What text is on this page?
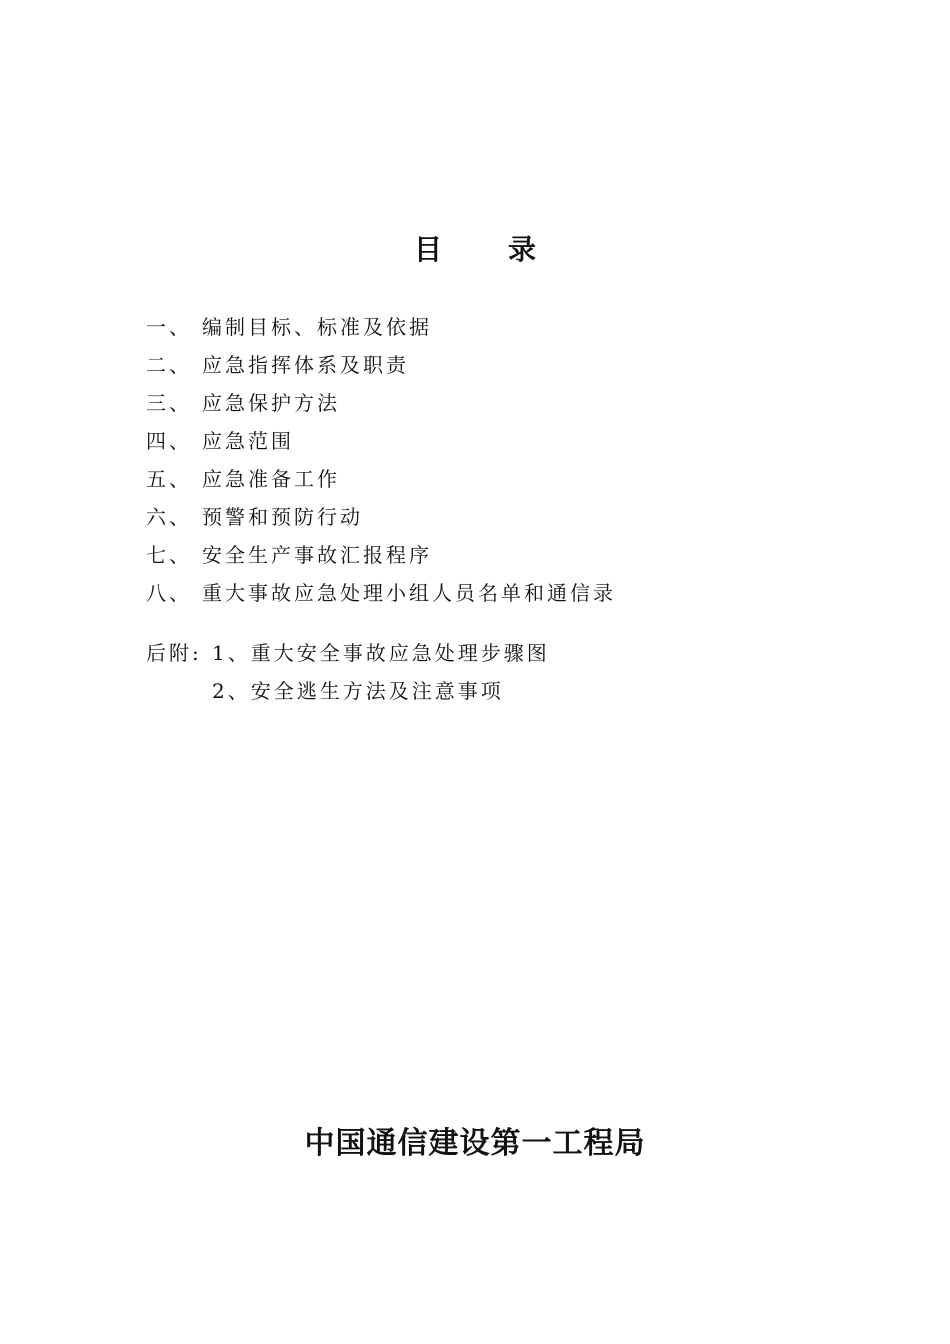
目 录
一、 编制目标、标准及依据
二、 应急指挥体系及职责
三、 应急保护方法
四、 应急范围
五、 应急准备工作
六、 预警和预防行动
七、 安全生产事故汇报程序
八、 重大事故应急处理小组人员名单和通信录
后附: 1、重大安全事故应急处理步骤图
2、安全逃生方法及注意事项
中国通信建设第一工程局
